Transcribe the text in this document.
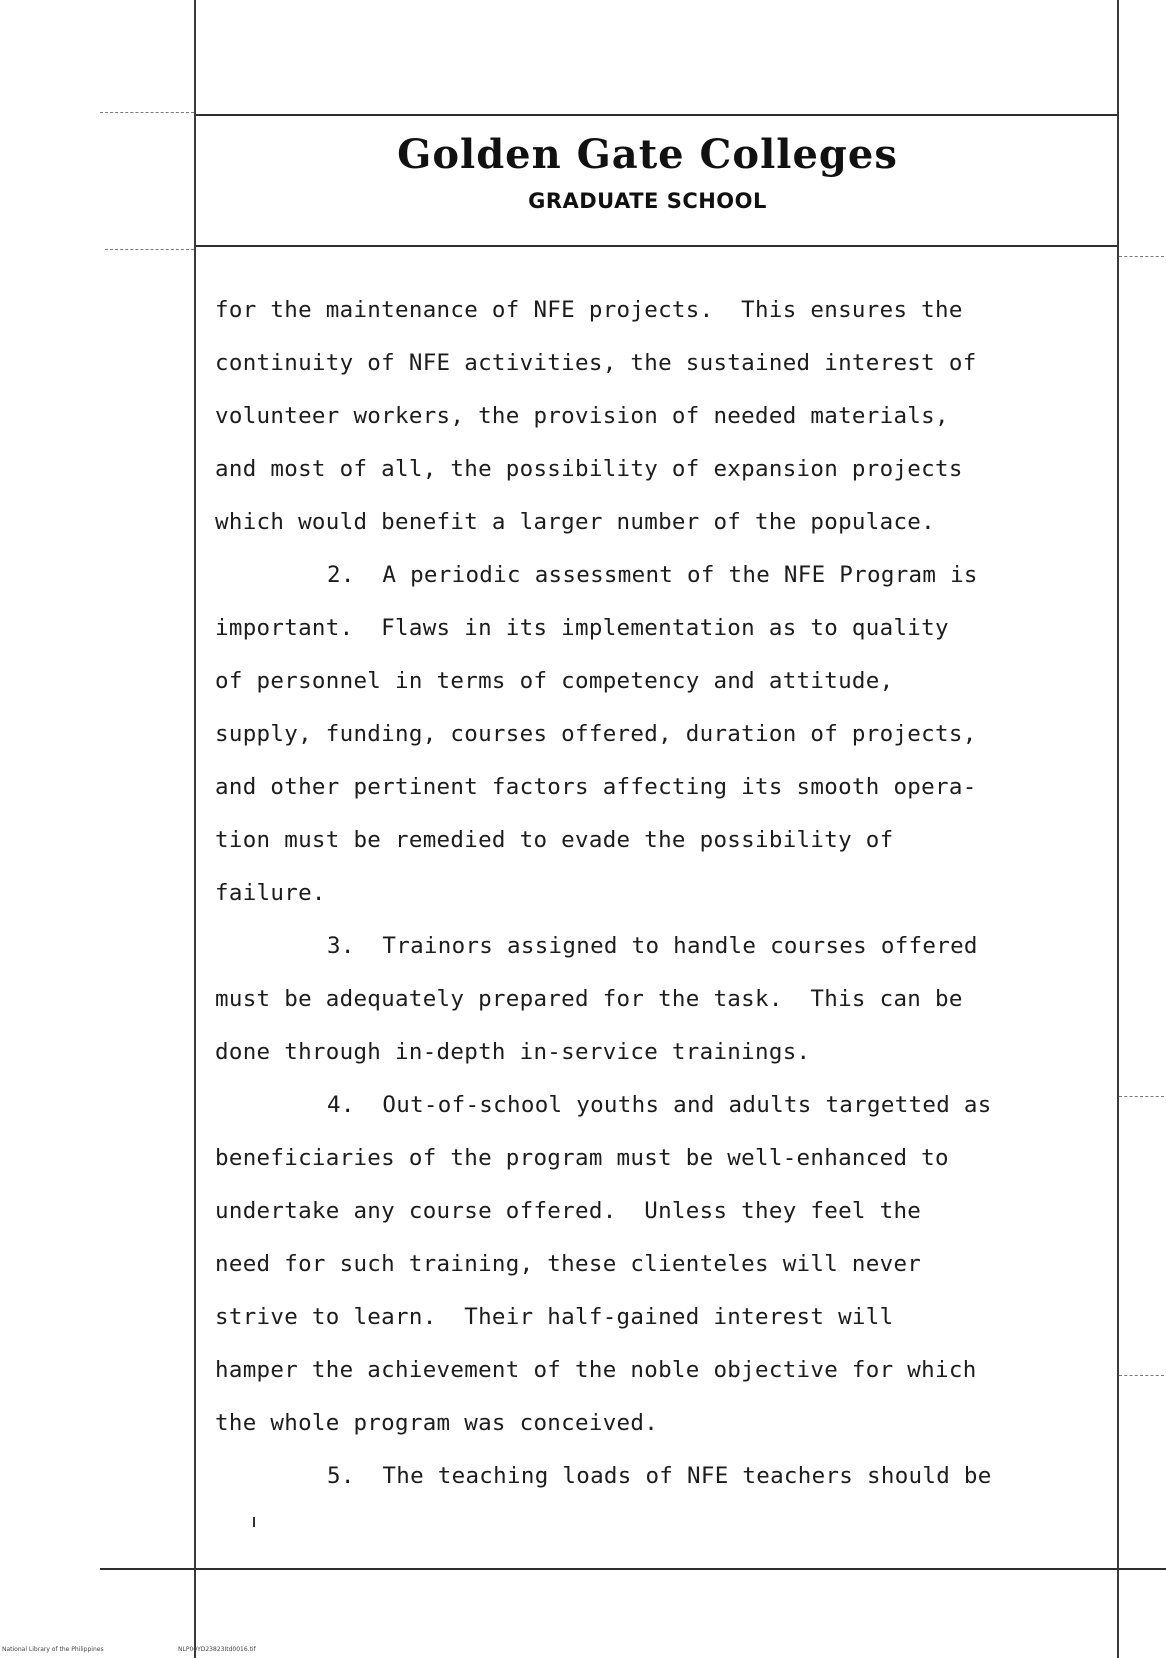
Golden Gate Colleges
GRADUATE SCHOOL
for the maintenance of NFE projects.  This ensures the
continuity of NFE activities, the sustained interest of
volunteer workers, the provision of needed materials,
and most of all, the possibility of expansion projects
which would benefit a larger number of the populace.
2.  A periodic assessment of the NFE Program is
important.  Flaws in its implementation as to quality
of personnel in terms of competency and attitude,
supply, funding, courses offered, duration of projects,
and other pertinent factors affecting its smooth opera-
tion must be remedied to evade the possibility of
failure.
3.  Trainors assigned to handle courses offered
must be adequately prepared for the task.  This can be
done through in-depth in-service trainings.
4.  Out-of-school youths and adults targetted as
beneficiaries of the program must be well-enhanced to
undertake any course offered.  Unless they feel the
need for such training, these clienteles will never
strive to learn.  Their half-gained interest will
hamper the achievement of the noble objective for which
the whole program was conceived.
5.  The teaching loads of NFE teachers should be
National Library of the Philippines	NLP00YD23823Itd0016.tif
